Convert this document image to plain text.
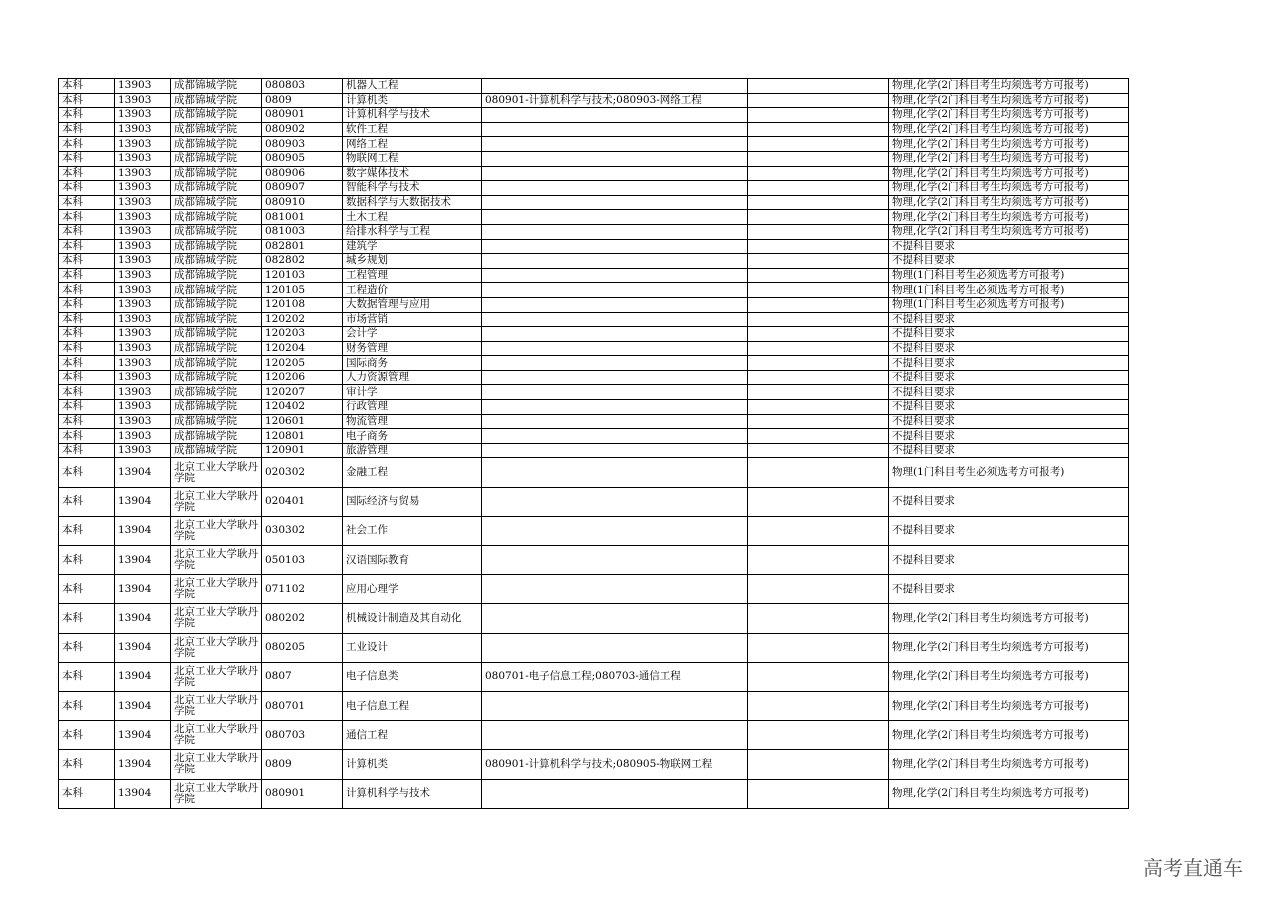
本科	13903	成都锦城学院	080803	机器人工程			物理,化学(2门科目考生均须选考方可报考)
本科	13903	成都锦城学院	0809	计算机类	080901-计算机科学与技术;080903-网络工程		物理,化学(2门科目考生均须选考方可报考)
本科	13903	成都锦城学院	080901	计算机科学与技术			物理,化学(2门科目考生均须选考方可报考)
本科	13903	成都锦城学院	080902	软件工程			物理,化学(2门科目考生均须选考方可报考)
本科	13903	成都锦城学院	080903	网络工程			物理,化学(2门科目考生均须选考方可报考)
本科	13903	成都锦城学院	080905	物联网工程			物理,化学(2门科目考生均须选考方可报考)
本科	13903	成都锦城学院	080906	数字媒体技术			物理,化学(2门科目考生均须选考方可报考)
本科	13903	成都锦城学院	080907	智能科学与技术			物理,化学(2门科目考生均须选考方可报考)
本科	13903	成都锦城学院	080910	数据科学与大数据技术			物理,化学(2门科目考生均须选考方可报考)
本科	13903	成都锦城学院	081001	土木工程			物理,化学(2门科目考生均须选考方可报考)
本科	13903	成都锦城学院	081003	给排水科学与工程			物理,化学(2门科目考生均须选考方可报考)
本科	13903	成都锦城学院	082801	建筑学			不提科目要求
本科	13903	成都锦城学院	082802	城乡规划			不提科目要求
本科	13903	成都锦城学院	120103	工程管理			物理(1门科目考生必须选考方可报考)
本科	13903	成都锦城学院	120105	工程造价			物理(1门科目考生必须选考方可报考)
本科	13903	成都锦城学院	120108	大数据管理与应用			物理(1门科目考生必须选考方可报考)
本科	13903	成都锦城学院	120202	市场营销			不提科目要求
本科	13903	成都锦城学院	120203	会计学			不提科目要求
本科	13903	成都锦城学院	120204	财务管理			不提科目要求
本科	13903	成都锦城学院	120205	国际商务			不提科目要求
本科	13903	成都锦城学院	120206	人力资源管理			不提科目要求
本科	13903	成都锦城学院	120207	审计学			不提科目要求
本科	13903	成都锦城学院	120402	行政管理			不提科目要求
本科	13903	成都锦城学院	120601	物流管理			不提科目要求
本科	13903	成都锦城学院	120801	电子商务			不提科目要求
本科	13903	成都锦城学院	120901	旅游管理			不提科目要求
本科	13904	北京工业大学耿丹学院	020302	金融工程			物理(1门科目考生必须选考方可报考)
本科	13904	北京工业大学耿丹学院	020401	国际经济与贸易			不提科目要求
本科	13904	北京工业大学耿丹学院	030302	社会工作			不提科目要求
本科	13904	北京工业大学耿丹学院	050103	汉语国际教育			不提科目要求
本科	13904	北京工业大学耿丹学院	071102	应用心理学			不提科目要求
本科	13904	北京工业大学耿丹学院	080202	机械设计制造及其自动化			物理,化学(2门科目考生均须选考方可报考)
本科	13904	北京工业大学耿丹学院	080205	工业设计			物理,化学(2门科目考生均须选考方可报考)
本科	13904	北京工业大学耿丹学院	0807	电子信息类	080701-电子信息工程;080703-通信工程		物理,化学(2门科目考生均须选考方可报考)
本科	13904	北京工业大学耿丹学院	080701	电子信息工程			物理,化学(2门科目考生均须选考方可报考)
本科	13904	北京工业大学耿丹学院	080703	通信工程			物理,化学(2门科目考生均须选考方可报考)
本科	13904	北京工业大学耿丹学院	0809	计算机类	080901-计算机科学与技术;080905-物联网工程		物理,化学(2门科目考生均须选考方可报考)
本科	13904	北京工业大学耿丹学院	080901	计算机科学与技术			物理,化学(2门科目考生均须选考方可报考)
高考直通车
